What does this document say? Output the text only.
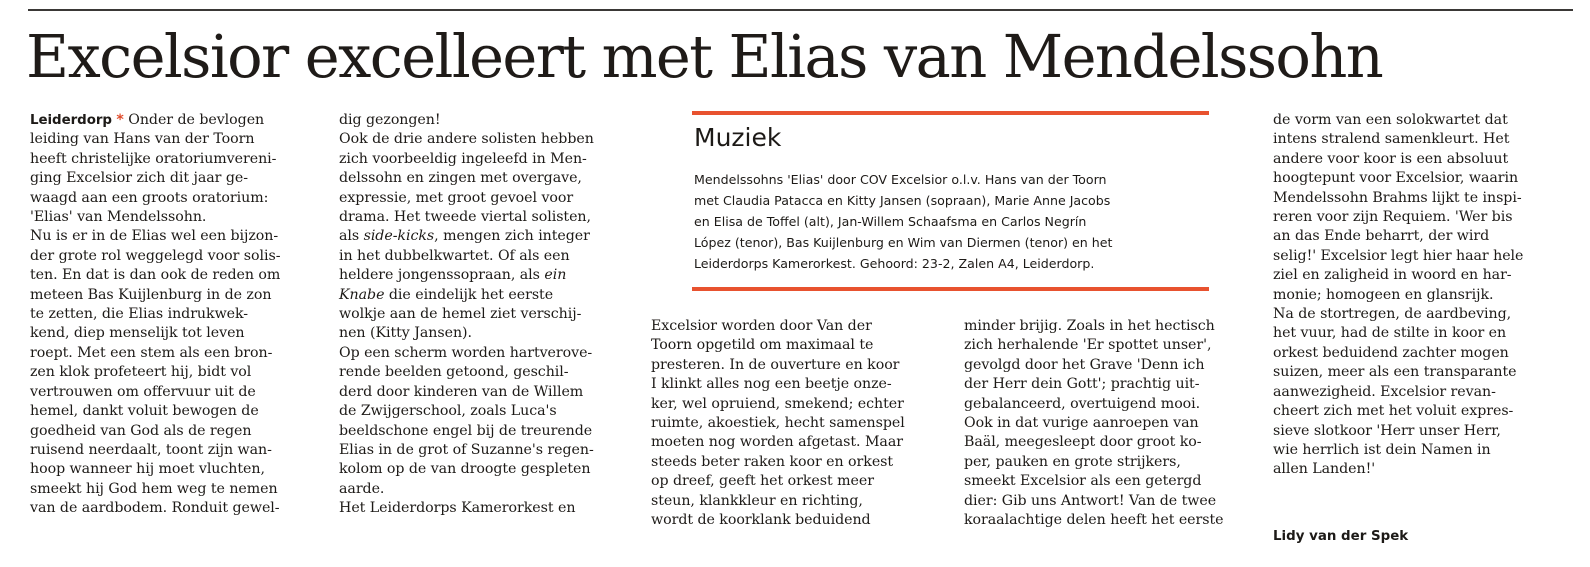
Excelsior excelleert met Elias van Mendelssohn
Leiderdorp * Onder de bevlogen
leiding van Hans van der Toorn
heeft christelijke oratoriumvereni-
ging Excelsior zich dit jaar ge-
waagd aan een groots oratorium:
'Elias' van Mendelssohn.
Nu is er in de Elias wel een bijzon-
der grote rol weggelegd voor solis-
ten. En dat is dan ook de reden om
meteen Bas Kuijlenburg in de zon
te zetten, die Elias indrukwek-
kend, diep menselijk tot leven
roept. Met een stem als een bron-
zen klok profeteert hij, bidt vol
vertrouwen om offervuur uit de
hemel, dankt voluit bewogen de
goedheid van God als de regen
ruisend neerdaalt, toont zijn wan-
hoop wanneer hij moet vluchten,
smeekt hij God hem weg te nemen
van de aardbodem. Ronduit gewel-
dig gezongen!
Ook de drie andere solisten hebben
zich voorbeeldig ingeleefd in Men-
delssohn en zingen met overgave,
expressie, met groot gevoel voor
drama. Het tweede viertal solisten,
als side-kicks, mengen zich integer
in het dubbelkwartet. Of als een
heldere jongenssopraan, als ein
Knabe die eindelijk het eerste
wolkje aan de hemel ziet verschij-
nen (Kitty Jansen).
Op een scherm worden hartverove-
rende beelden getoond, geschil-
derd door kinderen van de Willem
de Zwijgerschool, zoals Luca's
beeldschone engel bij de treurende
Elias in de grot of Suzanne's regen-
kolom op de van droogte gespleten
aarde.
Het Leiderdorps Kamerorkest en
Muziek
Mendelssohns 'Elias' door COV Excelsior o.l.v. Hans van der Toorn
met Claudia Patacca en Kitty Jansen (sopraan), Marie Anne Jacobs
en Elisa de Toffel (alt), Jan-Willem Schaafsma en Carlos Negrín
López (tenor), Bas Kuijlenburg en Wim van Diermen (tenor) en het
Leiderdorps Kamerorkest. Gehoord: 23-2, Zalen A4, Leiderdorp.
Excelsior worden door Van der
Toorn opgetild om maximaal te
presteren. In de ouverture en koor
I klinkt alles nog een beetje onze-
ker, wel opruiend, smekend; echter
ruimte, akoestiek, hecht samenspel
moeten nog worden afgetast. Maar
steeds beter raken koor en orkest
op dreef, geeft het orkest meer
steun, klankkleur en richting,
wordt de koorklank beduidend
minder brijig. Zoals in het hectisch
zich herhalende 'Er spottet unser',
gevolgd door het Grave 'Denn ich
der Herr dein Gott'; prachtig uit-
gebalanceerd, overtuigend mooi.
Ook in dat vurige aanroepen van
Baäl, meegesleept door groot ko-
per, pauken en grote strijkers,
smeekt Excelsior als een getergd
dier: Gib uns Antwort! Van de twee
koraalachtige delen heeft het eerste
de vorm van een solokwartet dat
intens stralend samenkleurt. Het
andere voor koor is een absoluut
hoogtepunt voor Excelsior, waarin
Mendelssohn Brahms lijkt te inspi-
reren voor zijn Requiem. 'Wer bis
an das Ende beharrt, der wird
selig!' Excelsior legt hier haar hele
ziel en zaligheid in woord en har-
monie; homogeen en glansrijk.
Na de stortregen, de aardbeving,
het vuur, had de stilte in koor en
orkest beduidend zachter mogen
suizen, meer als een transparante
aanwezigheid. Excelsior revan-
cheert zich met het voluit expres-
sieve slotkoor 'Herr unser Herr,
wie herrlich ist dein Namen in
allen Landen!'
Lidy van der Spek
